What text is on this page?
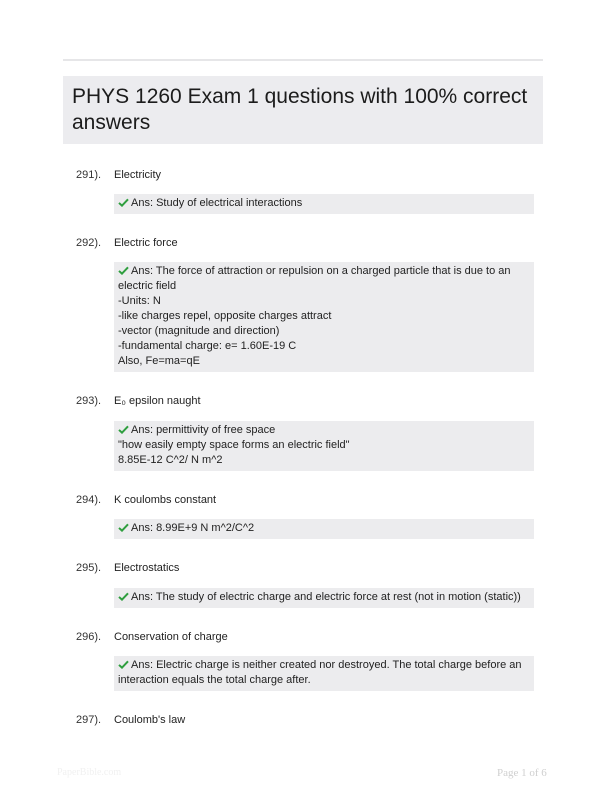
PHYS 1260 Exam 1 questions with 100% correct answers
291). Electricity
Ans: Study of electrical interactions
292). Electric force
Ans: The force of attraction or repulsion on a charged particle that is due to an
electric field
-Units: N
-like charges repel, opposite charges attract
-vector (magnitude and direction)
-fundamental charge: e= 1.60E-19 C
Also, Fe=ma=qE
293). E₀ epsilon naught
Ans: permittivity of free space
"how easily empty space forms an electric field"
8.85E-12 C^2/ N m^2
294). K coulombs constant
Ans: 8.99E+9 N m^2/C^2
295). Electrostatics
Ans: The study of electric charge and electric force at rest (not in motion (static))
296). Conservation of charge
Ans: Electric charge is neither created nor destroyed. The total charge before an
interaction equals the total charge after.
297). Coulomb's law
PaperBible.com	Page 1 of 6
